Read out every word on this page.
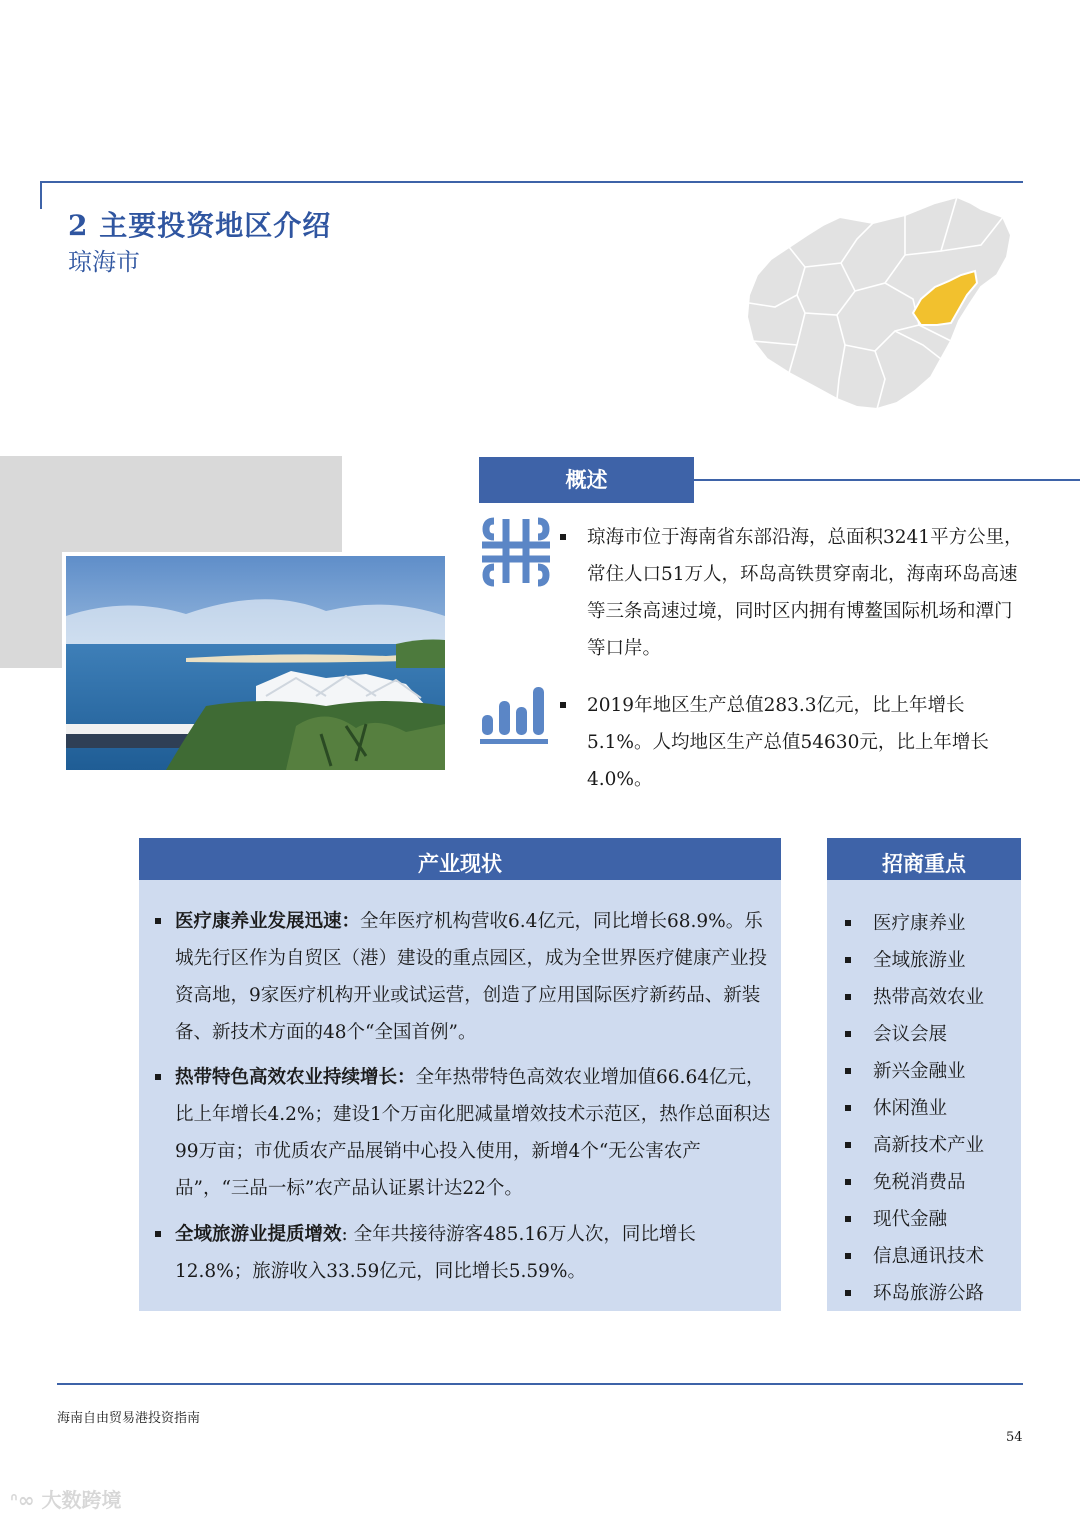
2 主要投资地区介绍
琼海市
概述
琼海市位于海南省东部沿海，总面积3241平方公里，常住人口51万人，环岛高铁贯穿南北，海南环岛高速等三条高速过境，同时区内拥有博鳌国际机场和潭门等口岸。
2019年地区生产总值283.3亿元，比上年增长5.1%。人均地区生产总值54630元，比上年增长4.0%。
产业现状
医疗康养业发展迅速：全年医疗机构营收6.4亿元，同比增长68.9%。乐城先行区作为自贸区（港）建设的重点园区，成为全世界医疗健康产业投资高地，9家医疗机构开业或试运营，创造了应用国际医疗新药品、新装备、新技术方面的48个“全国首例”。
热带特色高效农业持续增长：全年热带特色高效农业增加值66.64亿元，比上年增长4.2%；建设1个万亩化肥减量增效技术示范区，热作总面积达99万亩；市优质农产品展销中心投入使用，新增4个“无公害农产品”，“三品一标”农产品认证累计达22个。
全域旅游业提质增效: 全年共接待游客485.16万人次，同比增长12.8%；旅游收入33.59亿元，同比增长5.59%。
招商重点
医疗康养业
全域旅游业
热带高效农业
会议会展
新兴金融业
休闲渔业
高新技术产业
免税消费品
现代金融
信息通讯技术
环岛旅游公路
海南自由贸易港投资指南
54
ᐢ∞ 大数跨境
